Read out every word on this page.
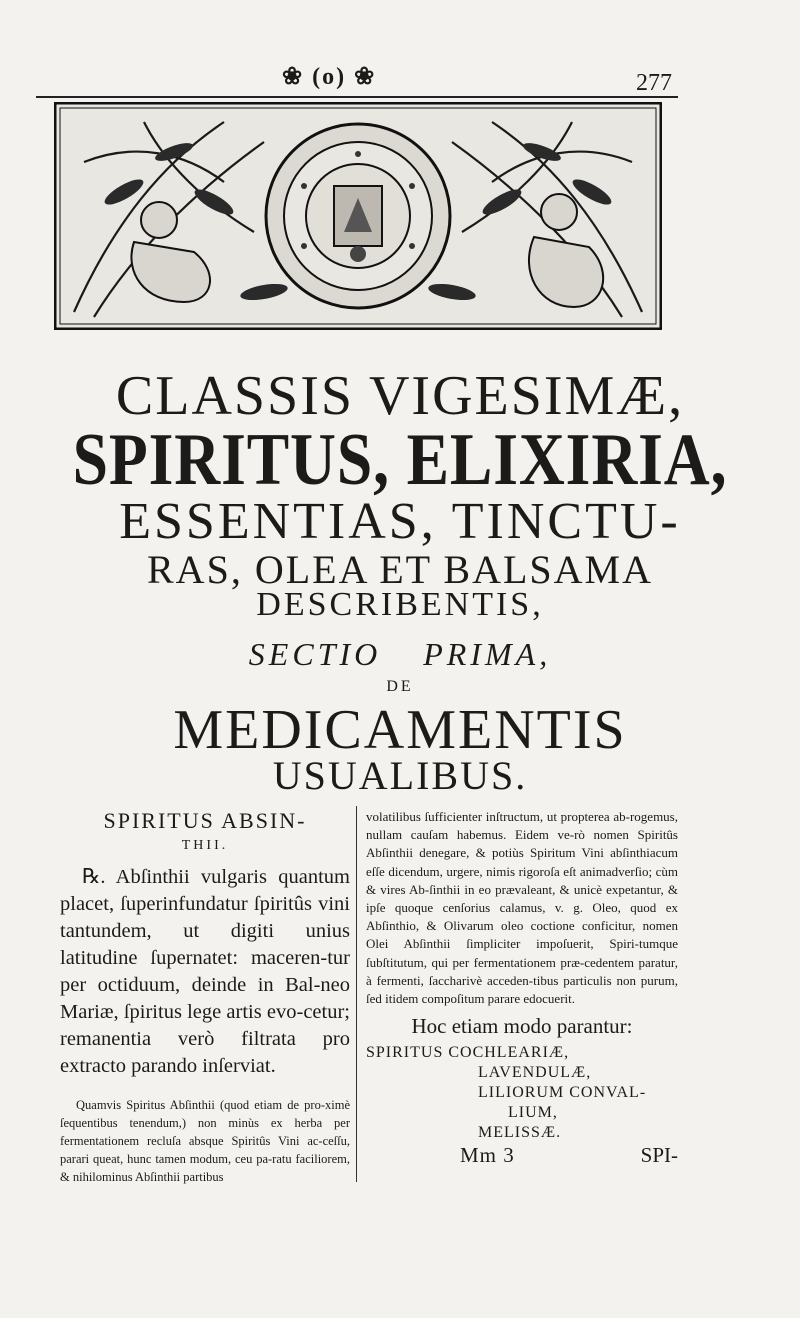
❀ (o) ❀	277
CLASSIS VIGESIMÆ,
SPIRITUS, ELIXIRIA,
ESSENTIAS, TINCTU-
RAS, OLEA ET BALSAMA
DESCRIBENTIS,
SECTIO PRIMA,
DE
MEDICAMENTIS
USUALIBUS.
SPIRITUS ABSIN-
THII.
℞. Abſinthii vulgaris quantum placet, ſuperinfundatur ſpiritûs vini tantundem, ut digiti unius latitudine ſupernatet: maceren-tur per octiduum, deinde in Bal-neo Mariæ, ſpiritus lege artis evo-cetur; remanentia verò filtrata pro extracto parando inſerviat.
Quamvis Spiritus Abſinthii (quod etiam de pro-ximè ſequentibus tenendum,) non minùs ex herba per fermentationem recluſa absque Spiritûs Vini ac-ceſſu, parari queat, hunc tamen modum, ceu pa-ratu faciliorem, & nihilominus Abſinthii partibus
volatilibus ſufficienter inſtructum, ut propterea ab-rogemus, nullam cauſam habemus. Eidem ve-rò nomen Spiritûs Abſinthii denegare, & potiùs Spiritum Vini abſinthiacum eſſe dicendum, urgere, nimis rigoroſa eſt animadverſio; cùm & vires Ab-ſinthii in eo prævaleant, & unicè expetantur, & ipſe quoque cenſorius calamus, v. g. Oleo, quod ex Abſinthio, & Olivarum oleo coctione conficitur, nomen Olei Abſinthii ſimpliciter impoſuerit, Spiri-tumque ſubſtitutum, qui per fermentationem præ-cedentem paratur, à fermenti, ſaccharivè acceden-tibus particulis non purum, ſed itidem compoſitum parare edocuerit.
Hoc etiam modo parantur:
SPIRITUS COCHLEARIÆ,
LAVENDULÆ,
LILIORUM CONVAL-
LIUM,
MELISSÆ.
Mm 3	SPI-
